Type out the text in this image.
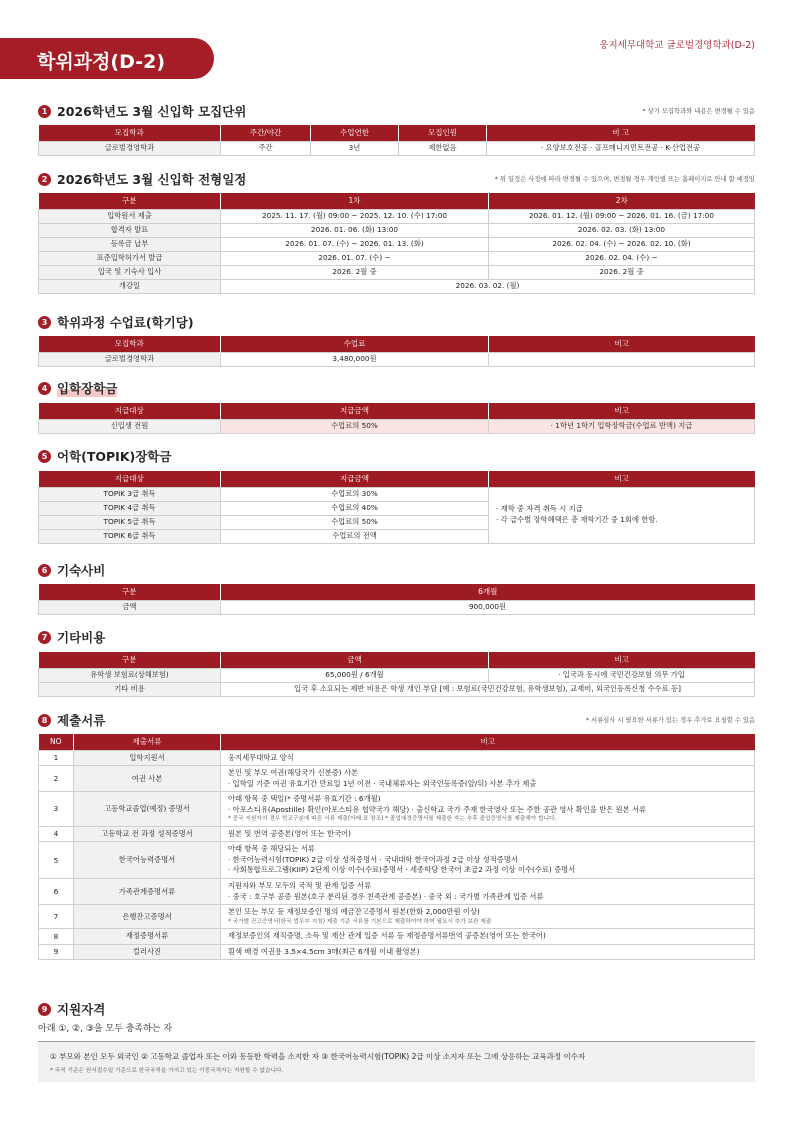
학위과정(D-2)
웅지세무대학교 글로벌경영학과(D-2)
1 2026학년도 3월 신입학 모집단위	* 상기 모집학과와 내용은 변경될 수 있음
모집학과	주간/야간	수업연한	모집인원	비 고
글로벌경영학과	주간	3년	제한없음	· 요양보호전공 · 골프매니지먼트전공 · K-산업전공
2 2026학년도 3월 신입학 전형일정	* 위 일정은 사정에 따라 변경될 수 있으며, 변경될 경우 개인별 또는 홈페이지로 안내 할 예정임
구분	1차	2차
입학원서 제출	2025. 11. 17. (월) 09:00 ~ 2025. 12. 10. (수) 17:00	2026. 01. 12. (월) 09:00 ~ 2026. 01. 16. (금) 17:00
합격자 발표	2026. 01. 06. (화) 13:00	2026. 02. 03. (화) 13:00
등록금 납부	2026. 01. 07. (수) ~ 2026. 01. 13. (화)	2026. 02. 04. (수) ~ 2026. 02. 10. (화)
표준입학허가서 발급	2026. 01. 07. (수) ~	2026. 02. 04. (수) ~
입국 및 기숙사 입사	2026. 2월 중	2026. 2월 중
개강일	2026. 03. 02. (월)	
3 학위과정 수업료(학기당)
모집학과	수업료	비고
글로벌경영학과	3,480,000원	
4 입학장학금
지급대상	지급금액	비고
신입생 전원	수업료의 50%	· 1학년 1학기 입학장학금(수업료 반액) 지급
5 어학(TOPIK)장학금
지급대상	지급금액	비고
TOPIK 3급 취득	수업료의 30%	· 재학 중 자격 취득 시 지급
· 각 급수별 장학혜택은 총 재학기간 중 1회에 한함.

TOPIK 4급 취득	수업료의 40%	
TOPIK 5급 취득	수업료의 50%	
TOPIK 6급 취득	수업료의 전액	
6 기숙사비
구분	6개월
금액	900,000원
7 기타비용
구분	금액	비고
유학생 보험료(상해보험)	65,000원 / 6개월	· 입국과 동시에 국민건강보험 의무 가입
기타 비용	입국 후 소요되는 제반 비용은 학생 개인 부담 [예 : 보험료(국민건강보험, 유학생보험), 교재비, 외국인등록신청 수수료 등]	
8 제출서류	* 서류심사 시 필요한 서류가 있는 경우 추가로 요청할 수 있음
NO	제출서류	비고
1	입학지원서	웅지세무대학교 양식

2	여권 사본	본인 및 부모 여권(해당국가 신분증) 사본
· 입학일 기준 여권 유효기간 만료일 1년 이전 · 국내체류자는 외국인등록증(앞/뒤) 사본 추가 제출

3	고등학교졸업(예정) 증명서	아래 항목 중 택일(* 증명서류 유효기간 : 6개월)
· 아포스티유(Apostille) 확인(아포스티유 협약국가 해당) · 출신학교 국가 주재 한국영사 또는 주한 공관 영사 확인을 받은 원본 서류
* 중국 지원자의 경우 학교구분에 따른 서류 제출(아래 표 참조) * 졸업예정증명서를 제출한 자는 추후 졸업증명서를 제출해야 합니다.

4	고등학교 전 과정 성적증명서	원본 및 번역 공증본(영어 또는 한국어)

5	한국어능력증명서	아래 항목 중 해당되는 서류
· 한국어능력시험(TOPIK) 2급 이상 성적증명서 · 국내대학 한국어과정 2급 이상 성적증명서
· 사회통합프로그램(KIIP) 2단계 이상 이수(수료)증명서 · 세종학당 한국어 초급2 과정 이상 이수(수료) 증명서

6	가족관계증명서류	지원자와 부모 모두의 국적 및 관계 입증 서류
· 중국 : 호구부 공증 원본(호구 분리된 경우 친족관계 공증본) · 중국 외 : 국가별 가족관계 입증 서류

7	은행잔고증명서	본인 또는 부모 등 재정보증인 명의 예금잔고증명서 원본(한화 2,000만원 이상)
* 국가별 잔고증명서(한국 법무부 지침) 제출 기준 서류를 기본으로 제출하여야 하며 필요시 추가 보완 제출

8	재정증명서류	재정보증인의 재직증명, 소득 및 재산 관계 입증 서류 등 재정증명서류번역 공증본(영어 또는 한국어)

9	컬러사진	흰색 배경 여권용 3.5×4.5cm 3매(최근 6개월 이내 촬영본)
9 지원자격
아래 ①, ②, ③을 모두 충족하는 자
① 부모와 본인 모두 외국인 ② 고등학교 졸업자 또는 이와 동등한 학력을 소지한 자 ③ 한국어능력시험(TOPIK) 2급 이상 소지자 또는 그에 상응하는 교육과정 이수자
* 국적 기준은 원서접수일 기준으로 한국국적을 가지고 있는 이중국적자는 지원할 수 없습니다.
